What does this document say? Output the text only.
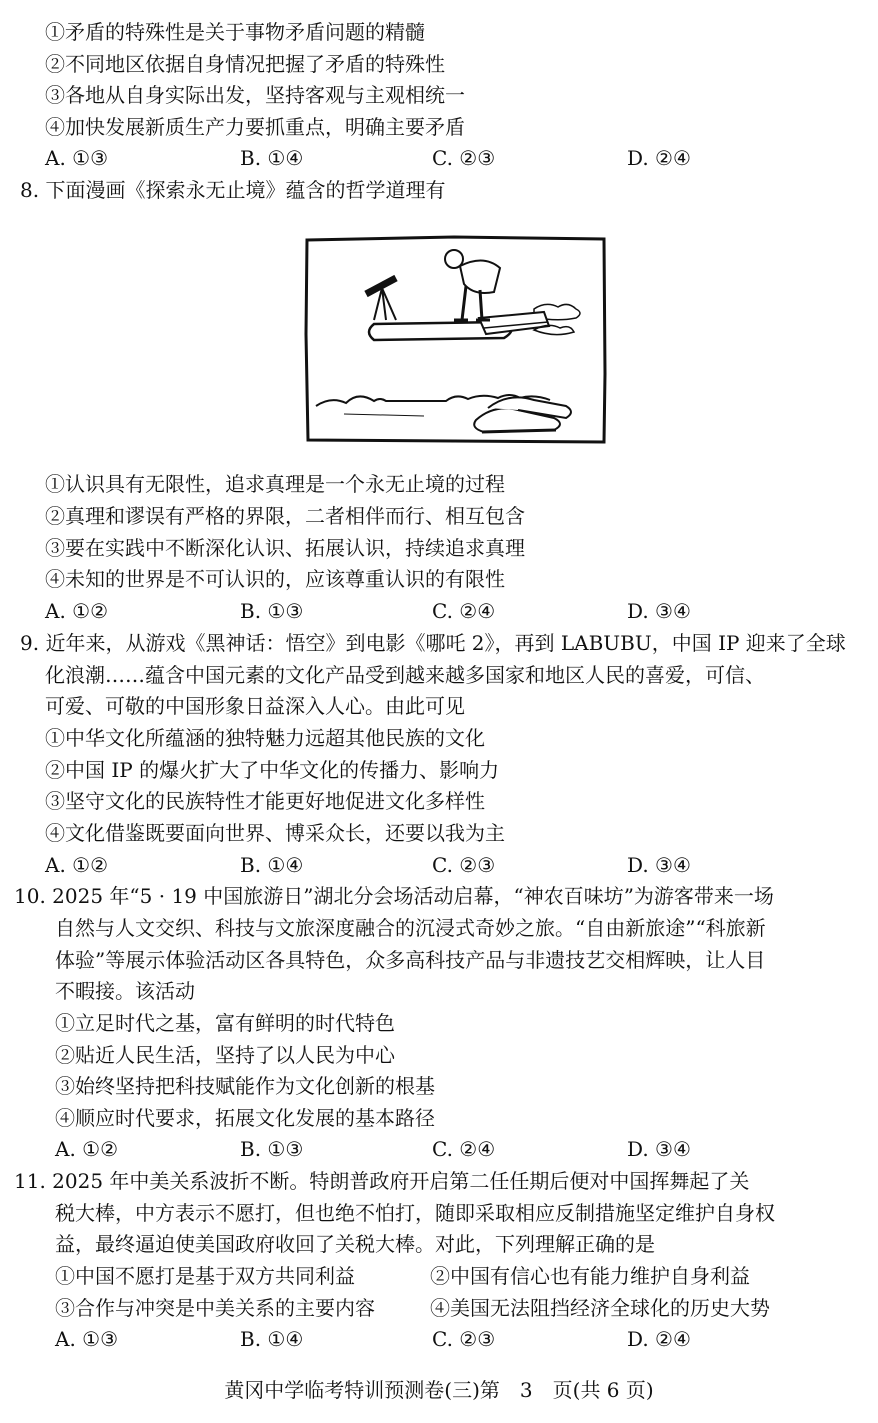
①矛盾的特殊性是关于事物矛盾问题的精髓
②不同地区依据自身情况把握了矛盾的特殊性
③各地从自身实际出发，坚持客观与主观相统一
④加快发展新质生产力要抓重点，明确主要矛盾
A. ①③	B. ①④	C. ②③	D. ②④
8. 下面漫画《探索永无止境》蕴含的哲学道理有
①认识具有无限性，追求真理是一个永无止境的过程
②真理和谬误有严格的界限，二者相伴而行、相互包含
③要在实践中不断深化认识、拓展认识，持续追求真理
④未知的世界是不可认识的，应该尊重认识的有限性
A. ①②	B. ①③	C. ②④	D. ③④
9. 近年来，从游戏《黑神话：悟空》到电影《哪吒 2》，再到 LABUBU，中国 IP 迎来了全球
化浪潮……蕴含中国元素的文化产品受到越来越多国家和地区人民的喜爱，可信、
可爱、可敬的中国形象日益深入人心。由此可见
①中华文化所蕴涵的独特魅力远超其他民族的文化
②中国 IP 的爆火扩大了中华文化的传播力、影响力
③坚守文化的民族特性才能更好地促进文化多样性
④文化借鉴既要面向世界、博采众长，还要以我为主
A. ①②	B. ①④	C. ②③	D. ③④
10. 2025 年“5 · 19 中国旅游日”湖北分会场活动启幕，“神农百味坊”为游客带来一场
自然与人文交织、科技与文旅深度融合的沉浸式奇妙之旅。“自由新旅途”“科旅新
体验”等展示体验活动区各具特色，众多高科技产品与非遗技艺交相辉映，让人目
不暇接。该活动
①立足时代之基，富有鲜明的时代特色
②贴近人民生活，坚持了以人民为中心
③始终坚持把科技赋能作为文化创新的根基
④顺应时代要求，拓展文化发展的基本路径
A. ①②	B. ①③	C. ②④	D. ③④
11. 2025 年中美关系波折不断。特朗普政府开启第二任任期后便对中国挥舞起了关
税大棒，中方表示不愿打，但也绝不怕打，随即采取相应反制措施坚定维护自身权
益，最终逼迫使美国政府收回了关税大棒。对此，下列理解正确的是
①中国不愿打是基于双方共同利益	②中国有信心也有能力维护自身利益
③合作与冲突是中美关系的主要内容	④美国无法阻挡经济全球化的历史大势
A. ①③	B. ①④	C. ②③	D. ②④
黄冈中学临考特训预测卷(三)第　3　页(共 6 页)
